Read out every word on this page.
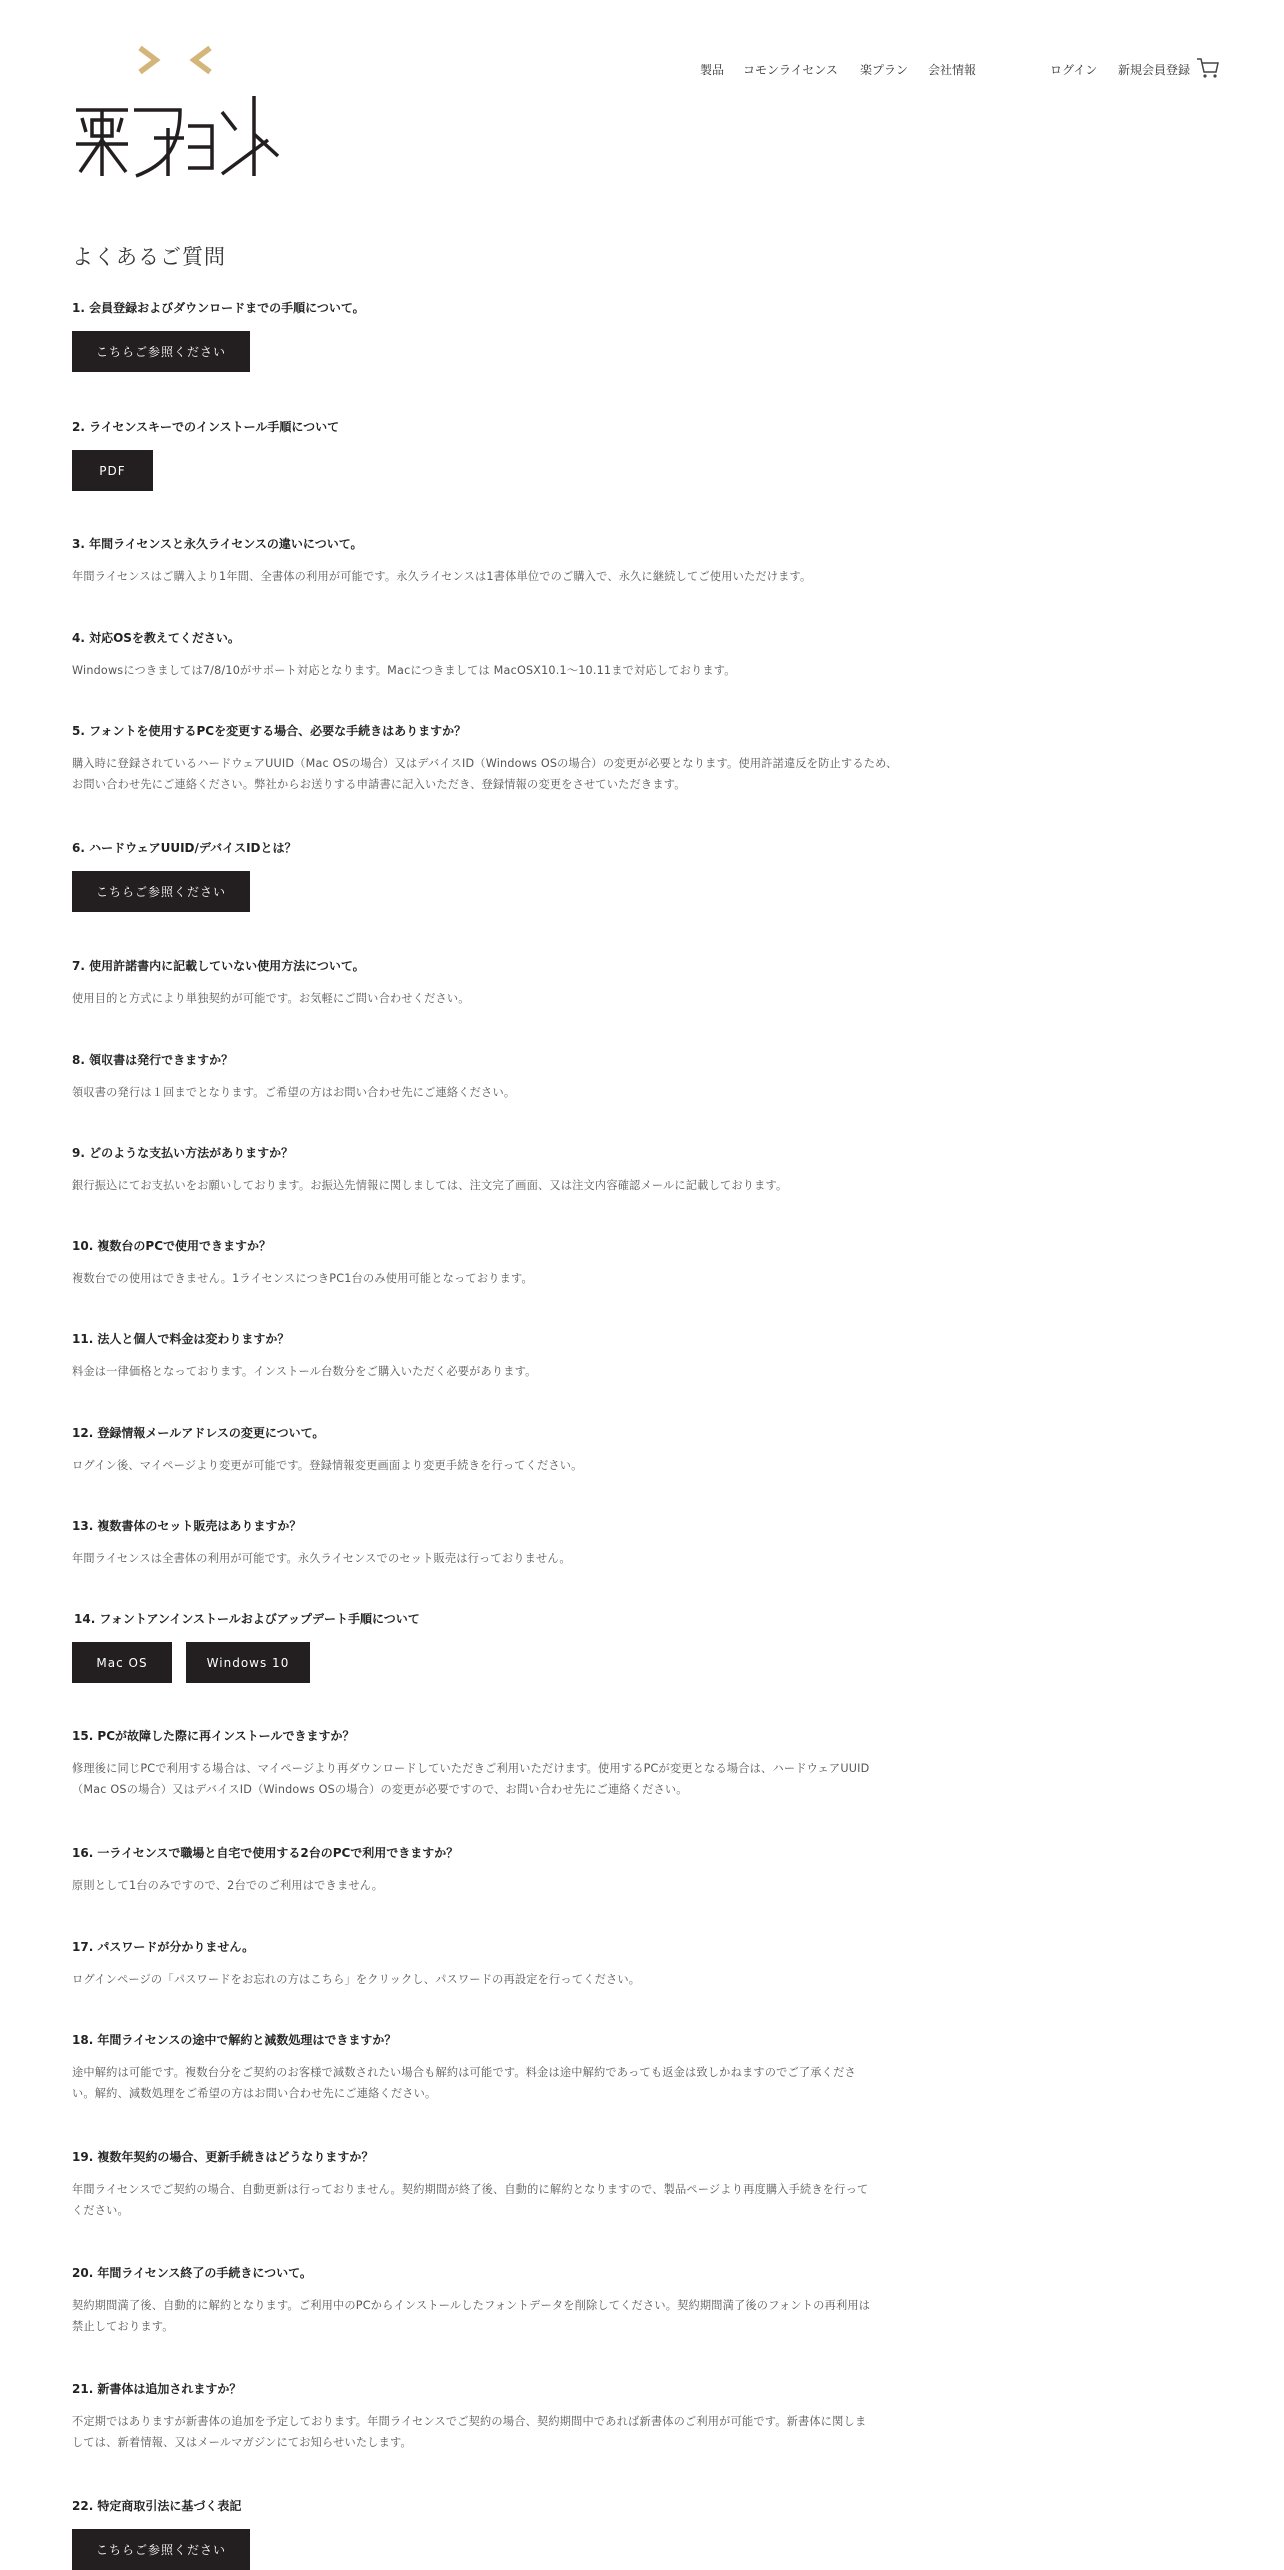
製品 コモンライセンス 楽プラン 会社情報	ログイン 新規会員登録
よくあるご質問
1. 会員登録およびダウンロードまでの手順について。
こちらご参照ください
2. ライセンスキーでのインストール手順について
PDF
3. 年間ライセンスと永久ライセンスの違いについて。
年間ライセンスはご購入より1年間、全書体の利用が可能です。永久ライセンスは1書体単位でのご購入で、永久に継続してご使用いただけます。
4. 対応OSを教えてください。
Windowsにつきましては7/8/10がサポート対応となります。Macにつきましては MacOSX10.1～10.11まで対応しております。
5. フォントを使用するPCを変更する場合、必要な手続きはありますか？
購入時に登録されているハードウェアUUID（Mac OSの場合）又はデバイスID（Windows OSの場合）の変更が必要となります。使用許諾違反を防止するため、
お問い合わせ先にご連絡ください。弊社からお送りする申請書に記入いただき、登録情報の変更をさせていただきます。
6. ハードウェアUUID/デバイスIDとは？
こちらご参照ください
7. 使用許諾書内に記載していない使用方法について。
使用目的と方式により単独契約が可能です。お気軽にご問い合わせください。
8. 領収書は発行できますか？
領収書の発行は１回までとなります。ご希望の方はお問い合わせ先にご連絡ください。
9. どのような支払い方法がありますか？
銀行振込にてお支払いをお願いしております。お振込先情報に関しましては、注文完了画面、又は注文内容確認メールに記載しております。
10. 複数台のPCで使用できますか？
複数台での使用はできません。1ライセンスにつきPC1台のみ使用可能となっております。
11. 法人と個人で料金は変わりますか？
料金は一律価格となっております。インストール台数分をご購入いただく必要があります。
12. 登録情報メールアドレスの変更について。
ログイン後、マイページより変更が可能です。登録情報変更画面より変更手続きを行ってください。
13. 複数書体のセット販売はありますか？
年間ライセンスは全書体の利用が可能です。永久ライセンスでのセット販売は行っておりません。
14. フォントアンインストールおよびアップデート手順について
Mac OS	Windows 10
15. PCが故障した際に再インストールできますか？
修理後に同じPCで利用する場合は、マイページより再ダウンロードしていただきご利用いただけます。使用するPCが変更となる場合は、ハードウェアUUID
（Mac OSの場合）又はデバイスID（Windows OSの場合）の変更が必要ですので、お問い合わせ先にご連絡ください。
16. 一ライセンスで職場と自宅で使用する2台のPCで利用できますか？
原則として1台のみですので、2台でのご利用はできません。
17. パスワードが分かりません。
ログインページの「パスワードをお忘れの方はこちら」をクリックし、パスワードの再設定を行ってください。
18. 年間ライセンスの途中で解約と減数処理はできますか？
途中解約は可能です。複数台分をご契約のお客様で減数されたい場合も解約は可能です。料金は途中解約であっても返金は致しかねますのでご了承くださ
い。解約、減数処理をご希望の方はお問い合わせ先にご連絡ください。
19. 複数年契約の場合、更新手続きはどうなりますか？
年間ライセンスでご契約の場合、自動更新は行っておりません。契約期間が終了後、自動的に解約となりますので、製品ページより再度購入手続きを行って
ください。
20. 年間ライセンス終了の手続きについて。
契約期間満了後、自動的に解約となります。ご利用中のPCからインストールしたフォントデータを削除してください。契約期間満了後のフォントの再利用は
禁止しております。
21. 新書体は追加されますか？
不定期ではありますが新書体の追加を予定しております。年間ライセンスでご契約の場合、契約期間中であれば新書体のご利用が可能です。新書体に関しま
しては、新着情報、又はメールマガジンにてお知らせいたします。
22. 特定商取引法に基づく表記
こちらご参照ください
